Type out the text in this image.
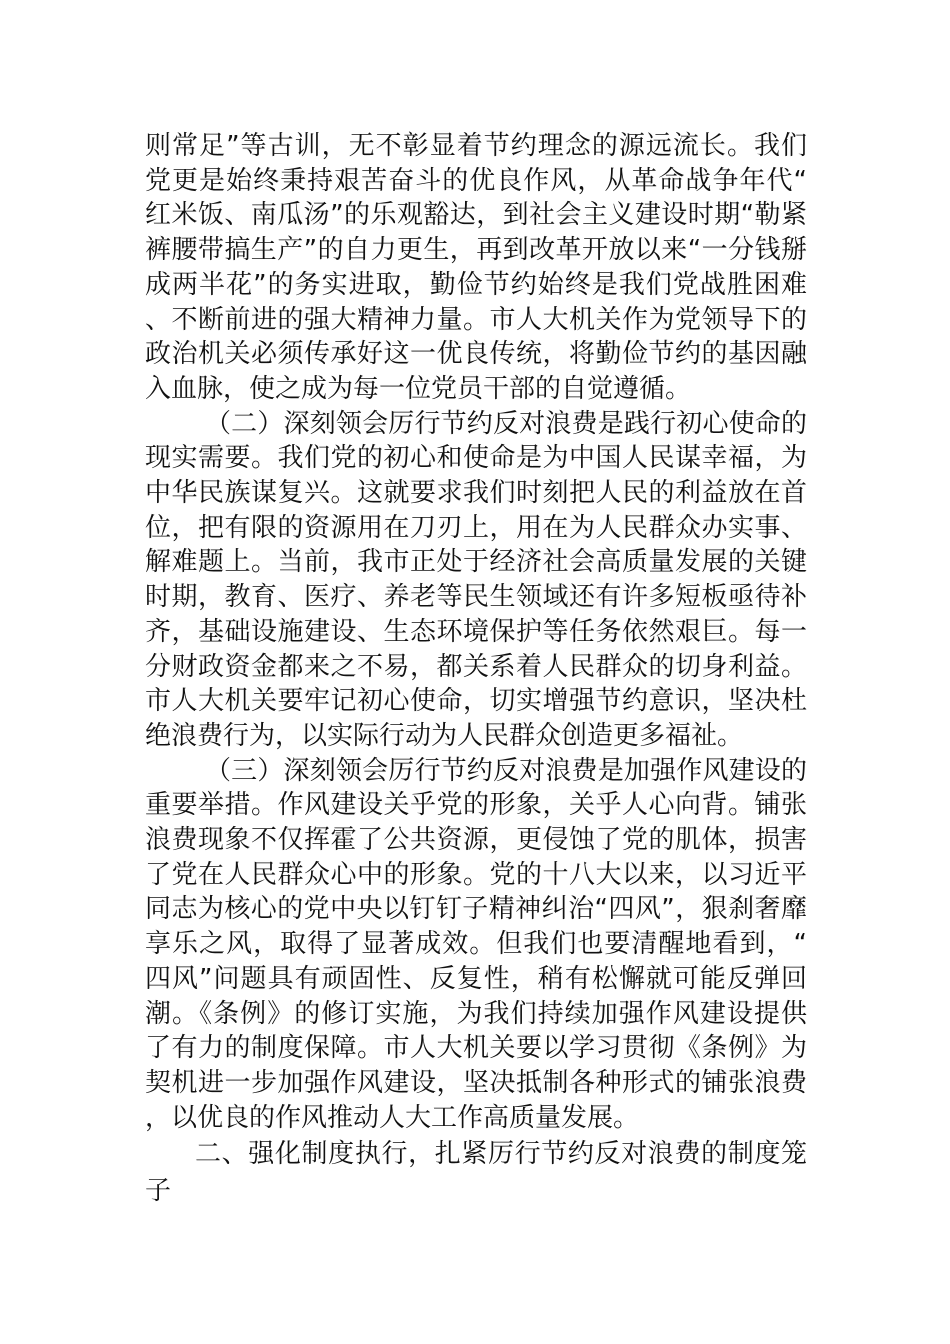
则常足”等古训，无不彰显着节约理念的源远流长。我们党更是始终秉持艰苦奋斗的优良作风，从革命战争年代“红米饭、南瓜汤”的乐观豁达，到社会主义建设时期“勒紧裤腰带搞生产”的自力更生，再到改革开放以来“一分钱掰成两半花”的务实进取，勤俭节约始终是我们党战胜困难、不断前进的强大精神力量。市人大机关作为党领导下的政治机关必须传承好这一优良传统，将勤俭节约的基因融入血脉，使之成为每一位党员干部的自觉遵循。

（二）深刻领会厉行节约反对浪费是践行初心使命的现实需要。我们党的初心和使命是为中国人民谋幸福，为中华民族谋复兴。这就要求我们时刻把人民的利益放在首位，把有限的资源用在刀刃上，用在为人民群众办实事、解难题上。当前，我市正处于经济社会高质量发展的关键时期，教育、医疗、养老等民生领域还有许多短板亟待补齐，基础设施建设、生态环境保护等任务依然艰巨。每一分财政资金都来之不易，都关系着人民群众的切身利益。市人大机关要牢记初心使命，切实增强节约意识，坚决杜绝浪费行为，以实际行动为人民群众创造更多福祉。

（三）深刻领会厉行节约反对浪费是加强作风建设的重要举措。作风建设关乎党的形象，关乎人心向背。铺张浪费现象不仅挥霍了公共资源，更侵蚀了党的肌体，损害了党在人民群众心中的形象。党的十八大以来，以习近平同志为核心的党中央以钉钉子精神纠治“四风”，狠刹奢靡享乐之风，取得了显著成效。但我们也要清醒地看到，“四风”问题具有顽固性、反复性，稍有松懈就可能反弹回潮。《条例》的修订实施，为我们持续加强作风建设提供了有力的制度保障。市人大机关要以学习贯彻《条例》为契机进一步加强作风建设，坚决抵制各种形式的铺张浪费，以优良的作风推动人大工作高质量发展。

二、强化制度执行，扎紧厉行节约反对浪费的制度笼子
